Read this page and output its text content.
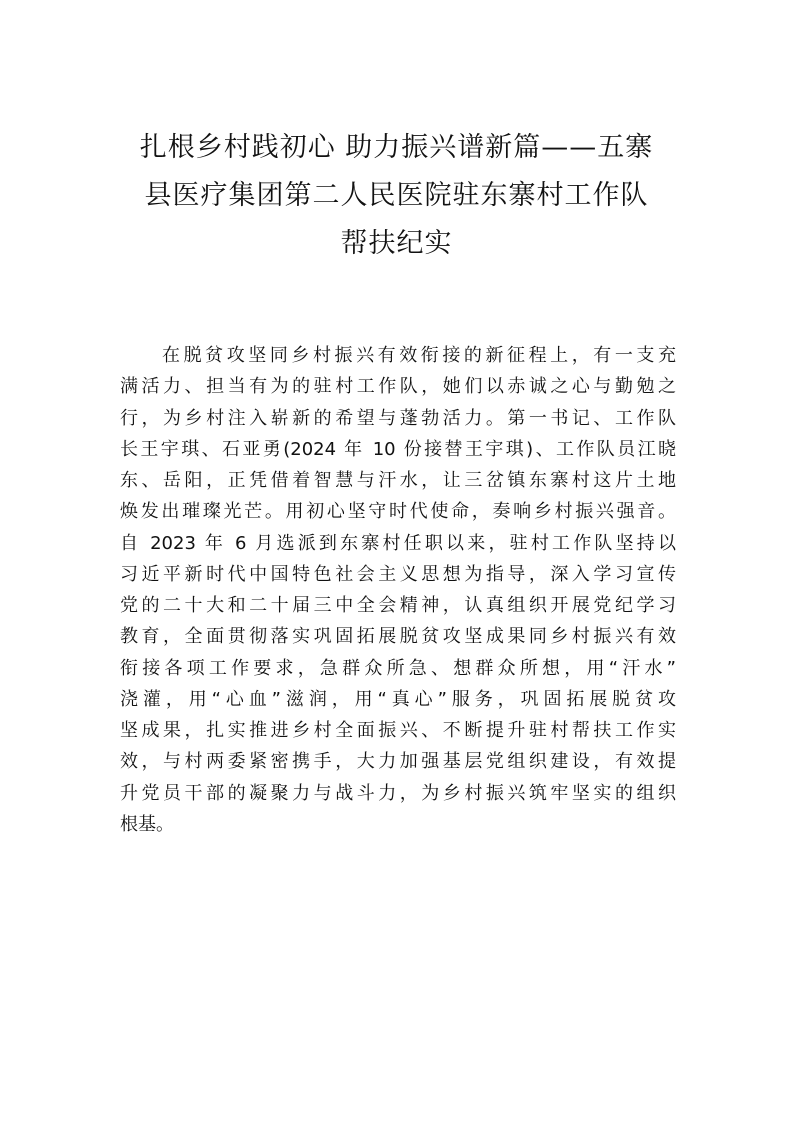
扎根乡村践初心 助力振兴谱新篇——五寨
县医疗集团第二人民医院驻东寨村工作队
帮扶纪实
在脱贫攻坚同乡村振兴有效衔接的新征程上，有一支充
满活力、担当有为的驻村工作队，她们以赤诚之心与勤勉之
行，为乡村注入崭新的希望与蓬勃活力。第一书记、工作队
长王宇琪、石亚勇(2024 年 10 份接替王宇琪)、工作队员江晓
东、岳阳，正凭借着智慧与汗水，让三岔镇东寨村这片土地
焕发出璀璨光芒。用初心坚守时代使命，奏响乡村振兴强音。
自 2023 年 6 月选派到东寨村任职以来，驻村工作队坚持以
习近平新时代中国特色社会主义思想为指导，深入学习宣传
党的二十大和二十届三中全会精神，认真组织开展党纪学习
教育，全面贯彻落实巩固拓展脱贫攻坚成果同乡村振兴有效
衔接各项工作要求，急群众所急、想群众所想，用“汗水”
浇灌，用“心血”滋润，用“真心”服务，巩固拓展脱贫攻
坚成果，扎实推进乡村全面振兴、不断提升驻村帮扶工作实
效，与村两委紧密携手，大力加强基层党组织建设，有效提
升党员干部的凝聚力与战斗力，为乡村振兴筑牢坚实的组织
根基。
